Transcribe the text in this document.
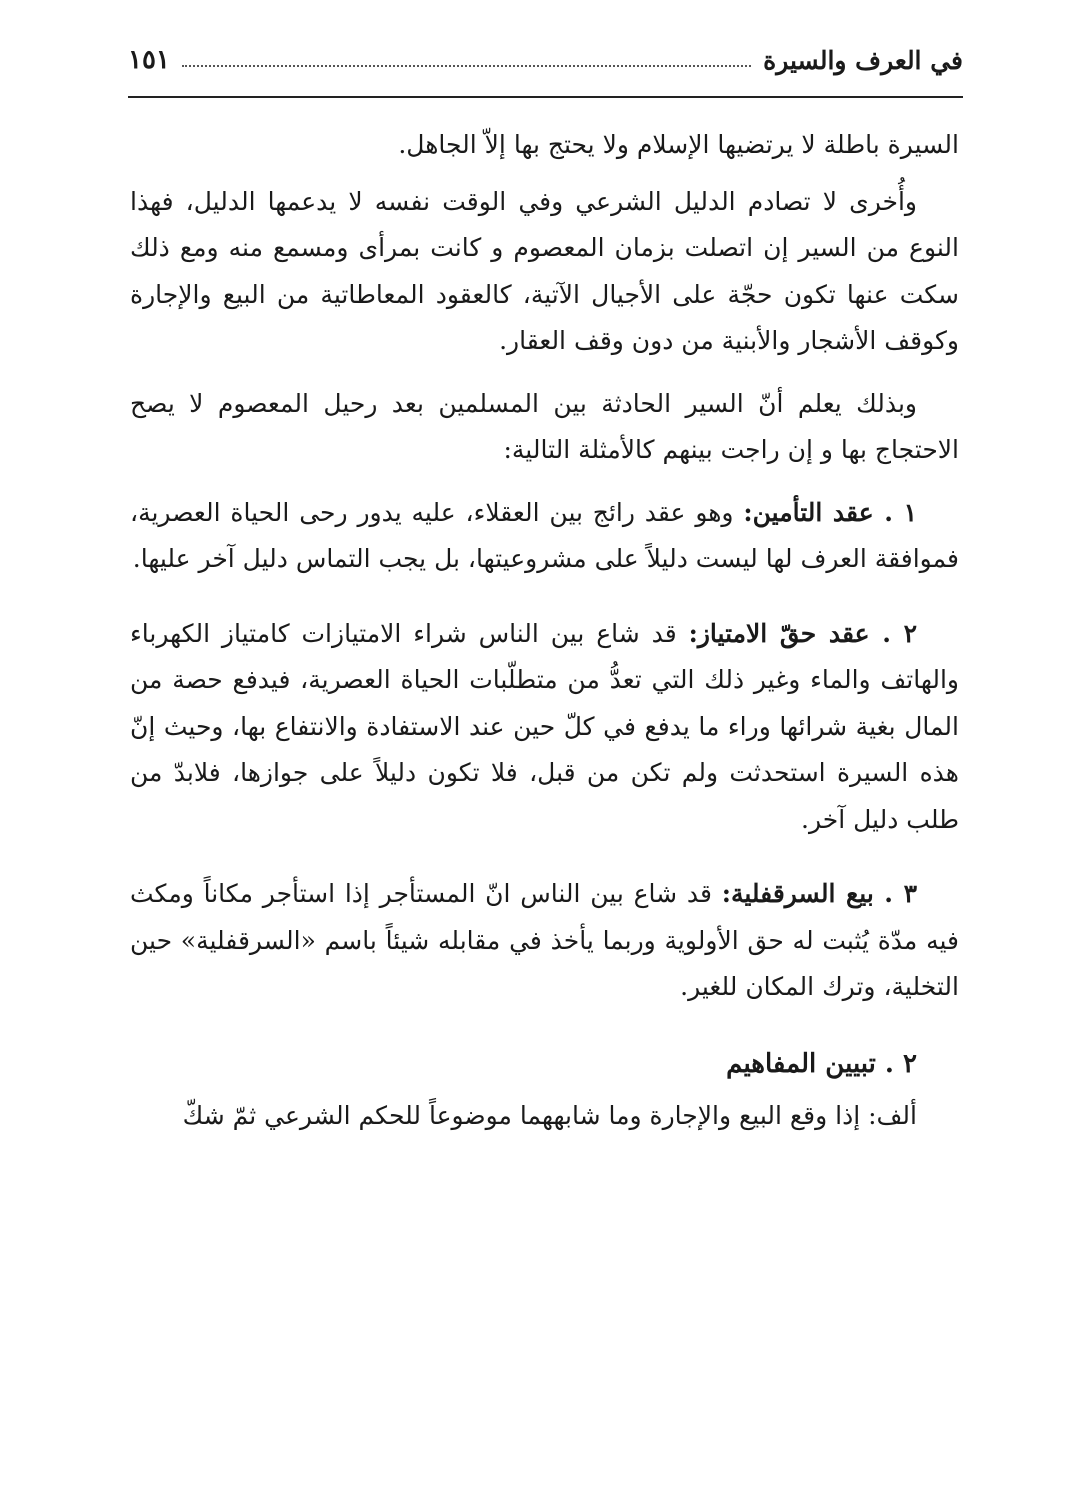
في العرف والسيرة
١٥١

السيرة باطلة لا يرتضيها الإسلام ولا يحتج بها إلاّ الجاهل.

وأُخرى لا تصادم الدليل الشرعي وفي الوقت نفسه لا يدعمها الدليل، فهذا النوع من السير إن اتصلت بزمان المعصوم و كانت بمرأى ومسمع منه ومع ذلك سكت عنها تكون حجّة على الأجيال الآتية، كالعقود المعاطاتية من البيع والإجارة وكوقف الأشجار والأبنية من دون وقف العقار.

وبذلك يعلم أنّ السير الحادثة بين المسلمين بعد رحيل المعصوم لا يصح الاحتجاج بها و إن راجت بينهم كالأمثلة التالية:

١ . عقد التأمين: وهو عقد رائج بين العقلاء، عليه يدور رحى الحياة العصرية، فموافقة العرف لها ليست دليلاً على مشروعيتها، بل يجب التماس دليل آخر عليها.

٢ . عقد حقّ الامتياز: قد شاع بين الناس شراء الامتيازات كامتياز الكهرباء والهاتف والماء وغير ذلك التي تعدُّ من متطلّبات الحياة العصرية، فيدفع حصة من المال بغية شرائها وراء ما يدفع في كلّ حين عند الاستفادة والانتفاع بها، وحيث إنّ هذه السيرة استحدثت ولم تكن من قبل، فلا تكون دليلاً على جوازها، فلابدّ من طلب دليل آخر.

٣ . بيع السرقفلية: قد شاع بين الناس انّ المستأجر إذا استأجر مكاناً ومكث فيه مدّة يُثبت له حق الأولوية وربما يأخذ في مقابله شيئاً باسم «السرقفلية» حين التخلية، وترك المكان للغير.

٢ . تبيين المفاهيم

ألف: إذا وقع البيع والإجارة وما شابههما موضوعاً للحكم الشرعي ثمّ شكّ
